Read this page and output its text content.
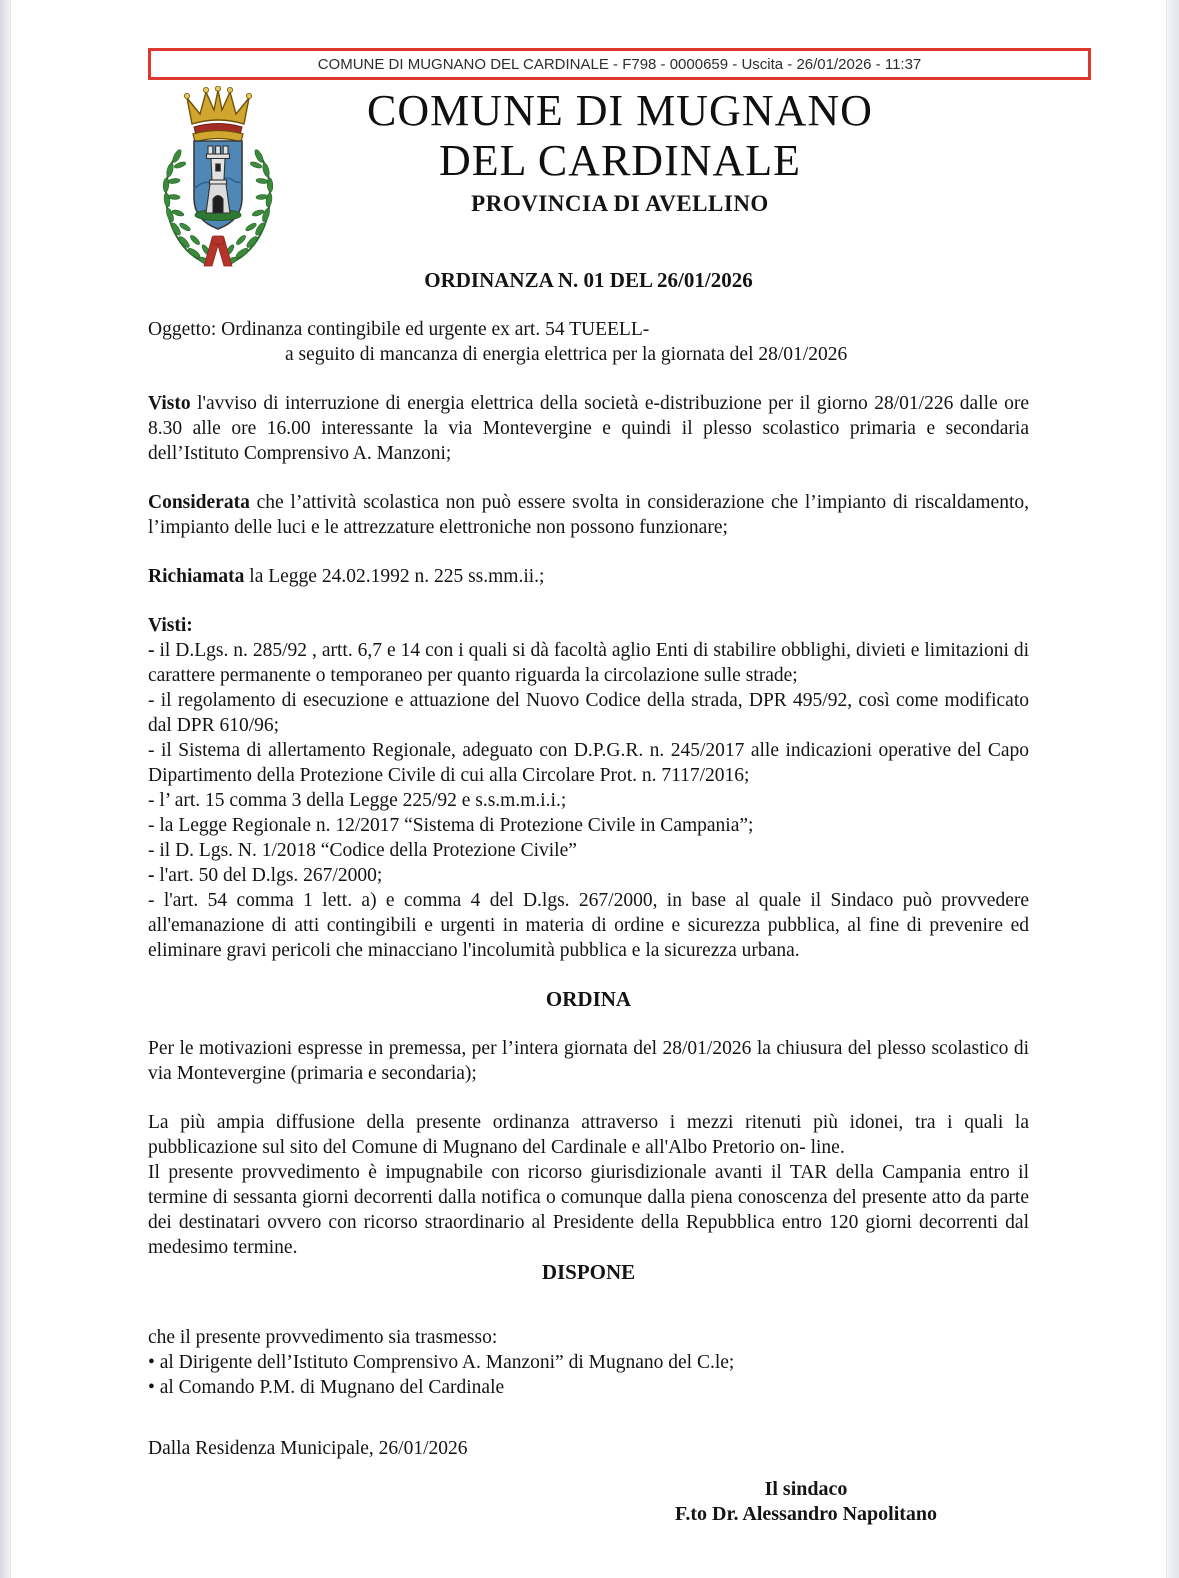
COMUNE DI MUGNANO DEL CARDINALE - F798 - 0000659 - Uscita - 26/01/2026 - 11:37
COMUNE DI MUGNANO
DEL CARDINALE
PROVINCIA DI AVELLINO
ORDINANZA N. 01 DEL 26/01/2026

Oggetto: Ordinanza contingibile ed urgente ex art. 54 TUEELL-
a seguito di mancanza di energia elettrica per la giornata del 28/01/2026

Visto l'avviso di interruzione di energia elettrica della società e-distribuzione per il giorno 28/01/226 dalle ore 8.30 alle ore 16.00 interessante la via Montevergine e quindi il plesso scolastico primaria e secondaria dell’Istituto Comprensivo A. Manzoni;

Considerata che l’attività scolastica non può essere svolta in considerazione che l’impianto di riscaldamento, l’impianto delle luci e le attrezzature elettroniche non possono funzionare;

Richiamata la Legge 24.02.1992 n. 225 ss.mm.ii.;

Visti:

- il D.Lgs. n. 285/92 , artt. 6,7 e 14 con i quali si dà facoltà aglio Enti di stabilire obblighi, divieti e limitazioni di carattere permanente o temporaneo per quanto riguarda la circolazione sulle strade;

- il regolamento di esecuzione e attuazione del Nuovo Codice della strada, DPR 495/92, così come modificato dal DPR 610/96;

- il Sistema di allertamento Regionale, adeguato con D.P.G.R. n. 245/2017 alle indicazioni operative del Capo Dipartimento della Protezione Civile di cui alla Circolare Prot. n. 7117/2016;

- l’ art. 15 comma 3 della Legge 225/92 e s.s.m.m.i.i.;

- la Legge Regionale n. 12/2017 “Sistema di Protezione Civile in Campania”;

- il D. Lgs. N. 1/2018 “Codice della Protezione Civile”

- l'art. 50 del D.lgs. 267/2000;

- l'art. 54 comma 1 lett. a) e comma 4 del D.lgs. 267/2000, in base al quale il Sindaco può provvedere all'emanazione di atti contingibili e urgenti in materia di ordine e sicurezza pubblica, al fine di prevenire ed eliminare gravi pericoli che minacciano l'incolumità pubblica e la sicurezza urbana.

ORDINA

Per le motivazioni espresse in premessa, per l’intera giornata del 28/01/2026 la chiusura del plesso scolastico di via Montevergine (primaria e secondaria);

La più ampia diffusione della presente ordinanza attraverso i mezzi ritenuti più idonei, tra i quali la pubblicazione sul sito del Comune di Mugnano del Cardinale e all'Albo Pretorio on- line.
Il presente provvedimento è impugnabile con ricorso giurisdizionale avanti il TAR della Campania entro il termine di sessanta giorni decorrenti dalla notifica o comunque dalla piena conoscenza del presente atto da parte dei destinatari ovvero con ricorso straordinario al Presidente della Repubblica entro 120 giorni decorrenti dal medesimo termine.

DISPONE

che il presente provvedimento sia trasmesso:

• al Dirigente dell’Istituto Comprensivo A. Manzoni” di Mugnano del C.le;

• al Comando P.M. di Mugnano del Cardinale

Dalla Residenza Municipale, 26/01/2026

Il sindaco
F.to Dr. Alessandro Napolitano
